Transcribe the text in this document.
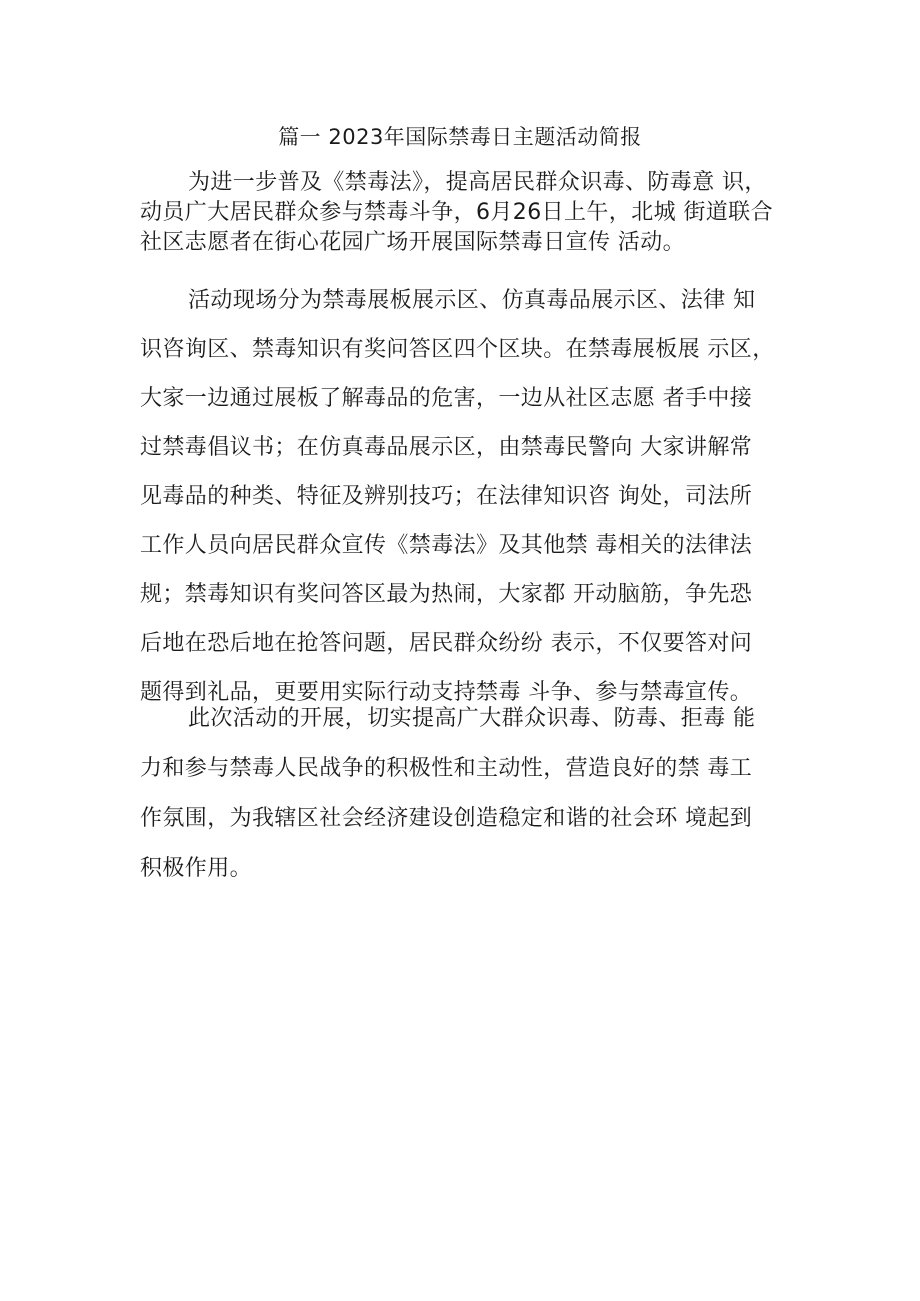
篇一 2023年国际禁毒日主题活动简报
为进一步普及《禁毒法》，提高居民群众识毒、防毒意 识，
动员广大居民群众参与禁毒斗争，6月26日上午，北城 街道联合
社区志愿者在街心花园广场开展国际禁毒日宣传 活动。
活动现场分为禁毒展板展示区、仿真毒品展示区、法律 知
识咨询区、禁毒知识有奖问答区四个区块。在禁毒展板展 示区，
大家一边通过展板了解毒品的危害，一边从社区志愿 者手中接
过禁毒倡议书；在仿真毒品展示区，由禁毒民警向 大家讲解常
见毒品的种类、特征及辨别技巧；在法律知识咨 询处，司法所
工作人员向居民群众宣传《禁毒法》及其他禁 毒相关的法律法
规；禁毒知识有奖问答区最为热闹，大家都 开动脑筋，争先恐
后地在恐后地在抢答问题，居民群众纷纷 表示，不仅要答对问
题得到礼品，更要用实际行动支持禁毒 斗争、参与禁毒宣传。
此次活动的开展，切实提高广大群众识毒、防毒、拒毒 能
力和参与禁毒人民战争的积极性和主动性，营造良好的禁 毒工
作氛围，为我辖区社会经济建设创造稳定和谐的社会环 境起到
积极作用。
